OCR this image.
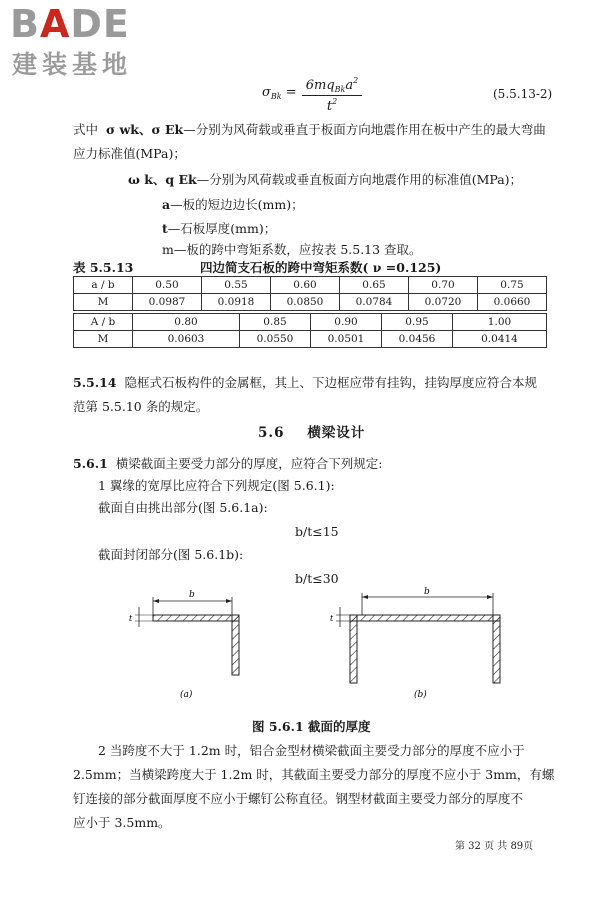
BADE
建装基地
$\sigma_{Bk} = 6mq_{Bk}a^2$
$t^2$
(5.5.13-2)
式中 σ wk、σ Ek—分别为风荷载或垂直于板面方向地震作用在板中产生的最大弯曲
应力标准值(MPa)；
ω k、q Ek—分别为风荷载或垂直板面方向地震作用的标准值(MPa)；
a—板的短边边长(mm)；
t—石板厚度(mm)；
m—板的跨中弯矩系数，应按表 5.5.13 查取。
表 5.5.13	四边简支石板的跨中弯矩系数( ν =0.125)
a / b	0.50	0.55	0.60	0.65	0.70	0.75
M	0.0987	0.0918	0.0850	0.0784	0.0720	0.0660
A / b	0.80	0.85	0.90	0.95	1.00
M	0.0603	0.0550	0.0501	0.0456	0.0414
5.5.14 隐框式石板构件的金属框，其上、下边框应带有挂钩，挂钩厚度应符合本规
范第 5.5.10 条的规定。
5.6 横梁设计
5.6.1 横梁截面主要受力部分的厚度，应符合下列规定:
1 翼缘的宽厚比应符合下列规定(图 5.6.1):
截面自由挑出部分(图 5.6.1a):
b/t≤15
截面封闭部分(图 5.6.1b):
b/t≤30
b
t
(a)
b
t
(b)
图 5.6.1 截面的厚度
2 当跨度不大于 1.2m 时，铝合金型材横梁截面主要受力部分的厚度不应小于
2.5mm；当横梁跨度大于 1.2m 时，其截面主要受力部分的厚度不应小于 3mm，有螺
钉连接的部分截面厚度不应小于螺钉公称直径。钢型材截面主要受力部分的厚度不
应小于 3.5mm。
第 32 页 共 89页
